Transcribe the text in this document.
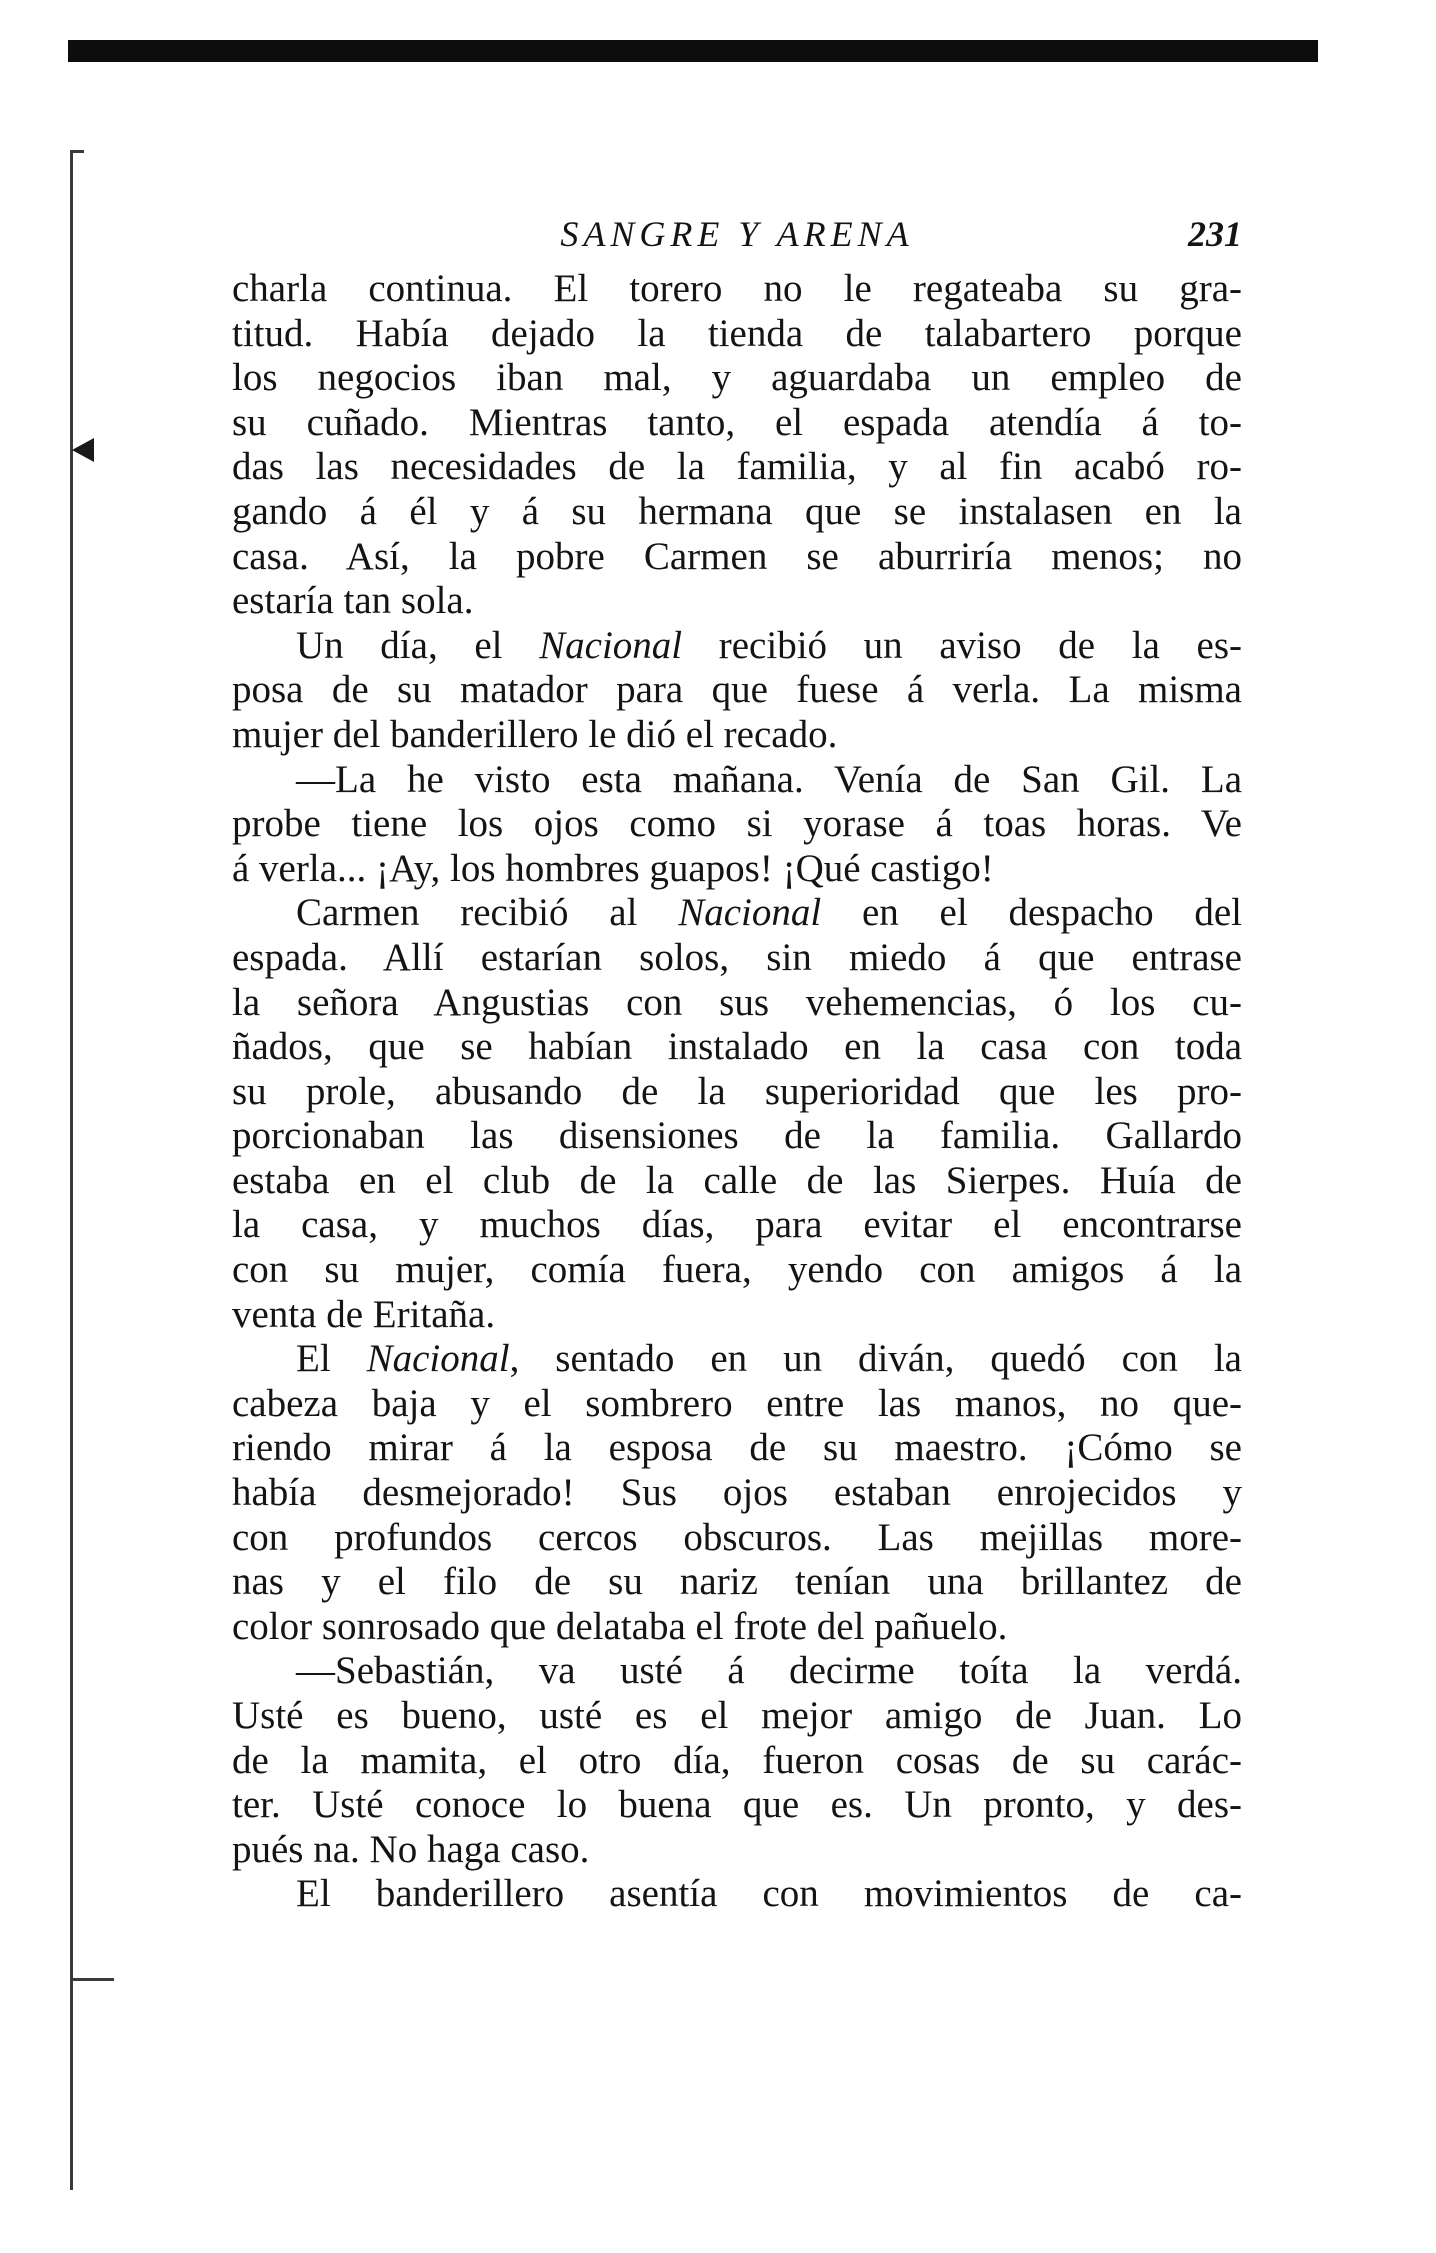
SANGRE Y ARENA	231
charla continua. El torero no le regateaba su gra-
titud. Había dejado la tienda de talabartero porque
los negocios iban mal, y aguardaba un empleo de
su cuñado. Mientras tanto, el espada atendía á to-
das las necesidades de la familia, y al fin acabó ro-
gando á él y á su hermana que se instalasen en la
casa. Así, la pobre Carmen se aburriría menos; no
estaría tan sola.
Un día, el Nacional recibió un aviso de la es-
posa de su matador para que fuese á verla. La misma
mujer del banderillero le dió el recado.
—La he visto esta mañana. Venía de San Gil. La
probe tiene los ojos como si yorase á toas horas. Ve
á verla... ¡Ay, los hombres guapos! ¡Qué castigo!
Carmen recibió al Nacional en el despacho del
espada. Allí estarían solos, sin miedo á que entrase
la señora Angustias con sus vehemencias, ó los cu-
ñados, que se habían instalado en la casa con toda
su prole, abusando de la superioridad que les pro-
porcionaban las disensiones de la familia. Gallardo
estaba en el club de la calle de las Sierpes. Huía de
la casa, y muchos días, para evitar el encontrarse
con su mujer, comía fuera, yendo con amigos á la
venta de Eritaña.
El Nacional, sentado en un diván, quedó con la
cabeza baja y el sombrero entre las manos, no que-
riendo mirar á la esposa de su maestro. ¡Cómo se
había desmejorado! Sus ojos estaban enrojecidos y
con profundos cercos obscuros. Las mejillas more-
nas y el filo de su nariz tenían una brillantez de
color sonrosado que delataba el frote del pañuelo.
—Sebastián, va usté á decirme toíta la verdá.
Usté es bueno, usté es el mejor amigo de Juan. Lo
de la mamita, el otro día, fueron cosas de su carác-
ter. Usté conoce lo buena que es. Un pronto, y des-
pués na. No haga caso.
El banderillero asentía con movimientos de ca-
